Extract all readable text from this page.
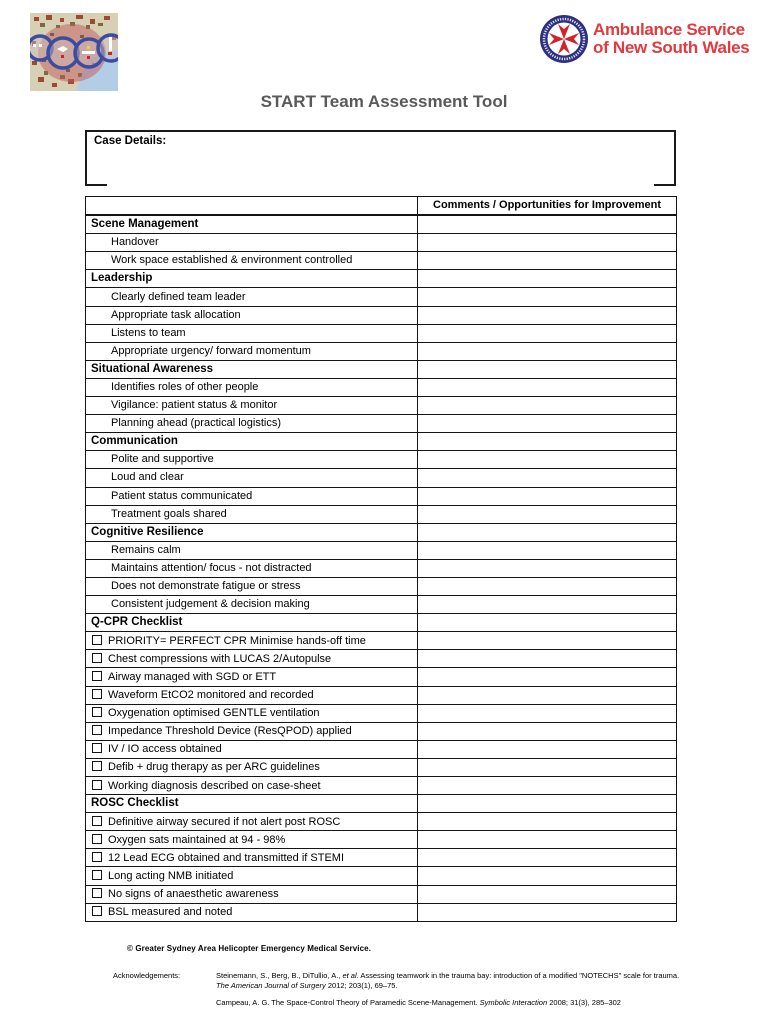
Ambulance Service
of New South Wales
START Team Assessment Tool
Case Details:
	Comments / Opportunities for Improvement
Scene Management	
Handover	
Work space established & environment controlled	
Leadership	
Clearly defined team leader	
Appropriate task allocation	
Listens to team	
Appropriate urgency/ forward momentum	
Situational Awareness	
Identifies roles of other people	
Vigilance: patient status & monitor	
Planning ahead (practical logistics)	
Communication	
Polite and supportive	
Loud and clear	
Patient status communicated	
Treatment goals shared	
Cognitive Resilience	
Remains calm	
Maintains attention/ focus - not distracted	
Does not demonstrate fatigue or stress	
Consistent judgement & decision making	
Q-CPR Checklist	
PRIORITY= PERFECT CPR Minimise hands-off time	
Chest compressions with LUCAS 2/Autopulse	
Airway managed with SGD or ETT	
Waveform EtCO2 monitored and recorded	
Oxygenation optimised GENTLE ventilation	
Impedance Threshold Device (ResQPOD) applied	
IV / IO access obtained	
Defib + drug therapy as per ARC guidelines	
Working diagnosis described on case-sheet	
ROSC Checklist	
Definitive airway secured if not alert post ROSC	
Oxygen sats maintained at 94 - 98%	
12 Lead ECG obtained and transmitted if STEMI	
Long acting NMB initiated	
No signs of anaesthetic awareness	
BSL measured and noted	
© Greater Sydney Area Helicopter Emergency Medical Service.
Acknowledgements:	Steinemann, S., Berg, B., DiTullio, A., et al. Assessing teamwork in the trauma bay: introduction of a modified "NOTECHS" scale for trauma. The American Journal of Surgery 2012; 203(1), 69–75.
Campeau, A. G. The Space-Control Theory of Paramedic Scene-Management. Symbolic Interaction 2008; 31(3), 285–302
